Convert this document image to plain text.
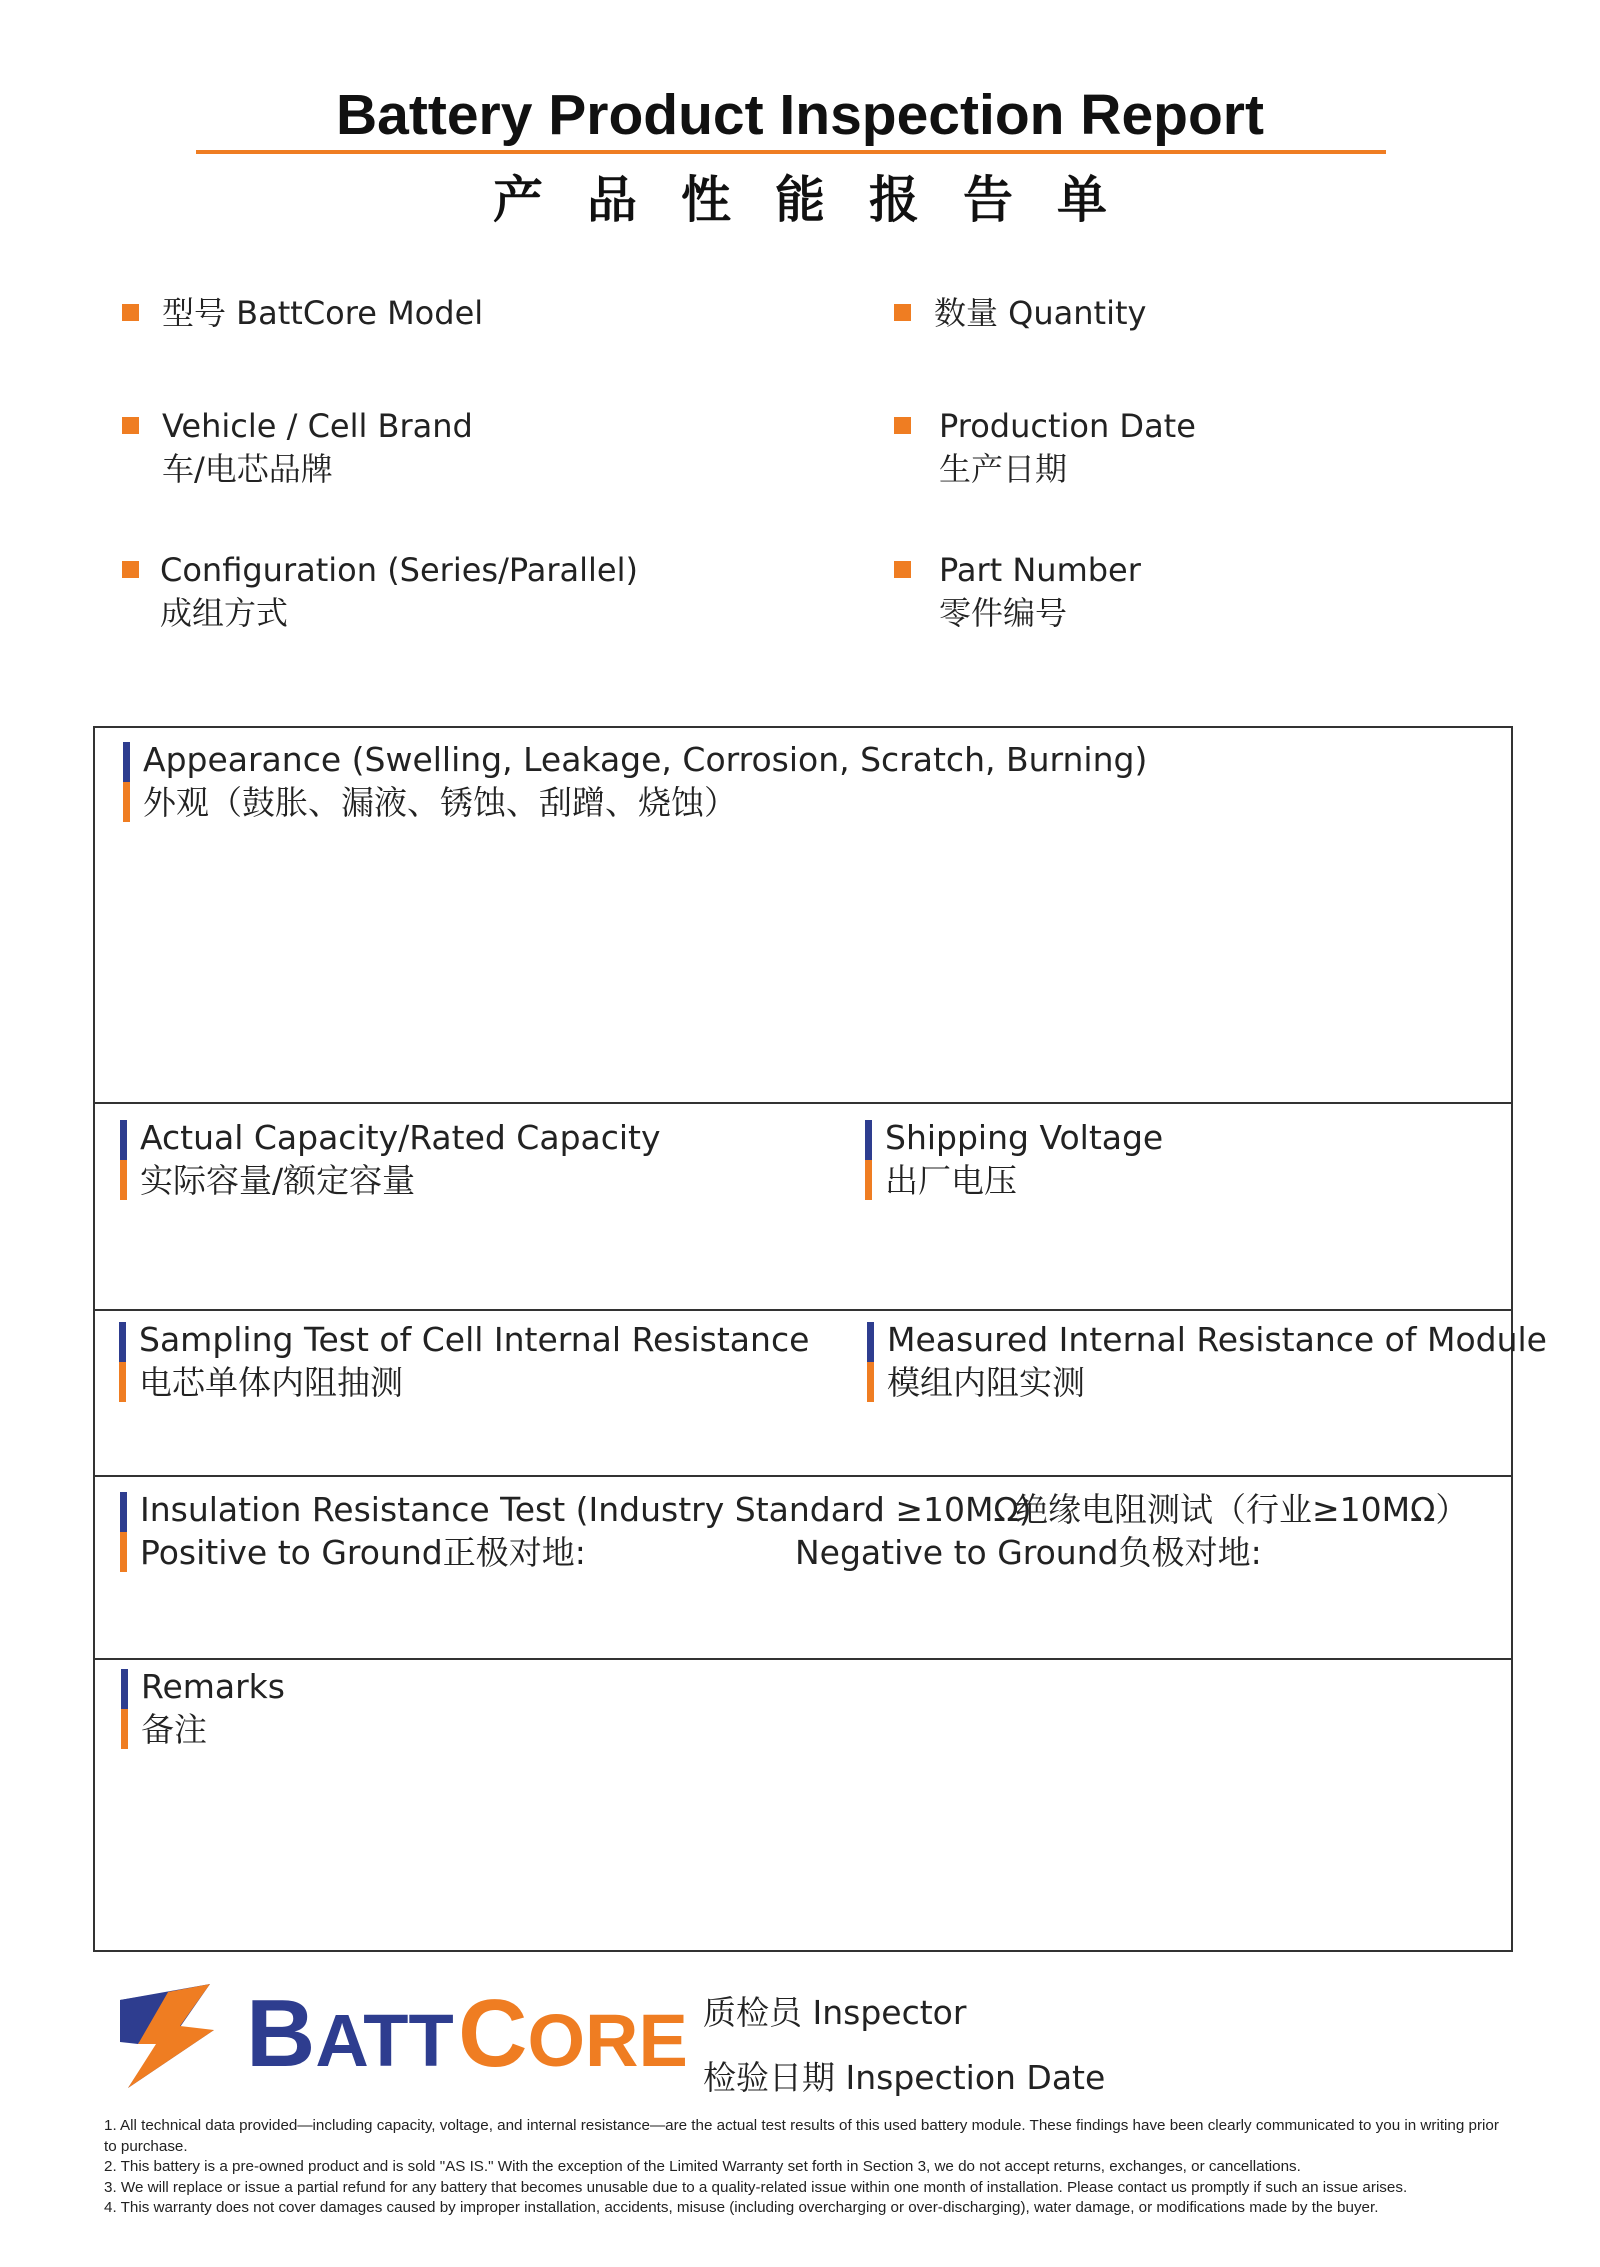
Battery Product Inspection Report
产品性能报告单
型号 BattCore Model	数量 Quantity
Vehicle / Cell Brand
车/电芯品牌
Production Date
生产日期
Configuration (Series/Parallel)
成组方式
Part Number
零件编号
Appearance (Swelling, Leakage, Corrosion, Scratch, Burning)
外观（鼓胀、漏液、锈蚀、刮蹭、烧蚀）
Actual Capacity/Rated Capacity
实际容量/额定容量
Shipping Voltage
出厂电压
Sampling Test of Cell Internal Resistance
电芯单体内阻抽测
Measured Internal Resistance of Module
模组内阻实测
Insulation Resistance Test (Industry Standard ≥10MΩ)
绝缘电阻测试（行业≥10MΩ）
Positive to Ground正极对地:	Negative to Ground负极对地:
Remarks
备注
BATT CORE 质检员 Inspector
检验日期 Inspection Date
1. All technical data provided—including capacity, voltage, and internal resistance—are the actual test results of this used battery module. These findings have been clearly communicated to you in writing prior to purchase.
2. This battery is a pre-owned product and is sold "AS IS." With the exception of the Limited Warranty set forth in Section 3, we do not accept returns, exchanges, or cancellations.
3. We will replace or issue a partial refund for any battery that becomes unusable due to a quality-related issue within one month of installation. Please contact us promptly if such an issue arises.
4. This warranty does not cover damages caused by improper installation, accidents, misuse (including overcharging or over-discharging), water damage, or modifications made by the buyer.
